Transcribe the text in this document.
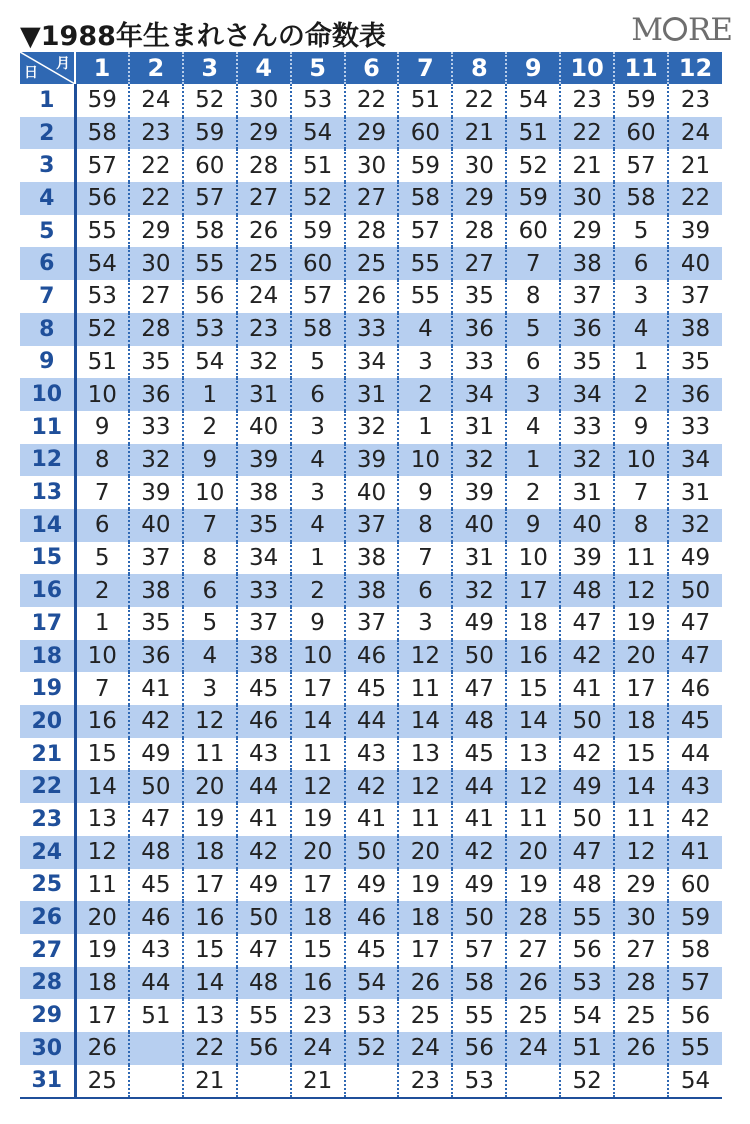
▼1988年生まれさんの命数表	M RE
日
月	1	2	3	4	5	6	7	8	9	10	11	12
1	59	24	52	30	53	22	51	22	54	23	59	23
2	58	23	59	29	54	29	60	21	51	22	60	24
3	57	22	60	28	51	30	59	30	52	21	57	21
4	56	22	57	27	52	27	58	29	59	30	58	22
5	55	29	58	26	59	28	57	28	60	29	5	39
6	54	30	55	25	60	25	55	27	7	38	6	40
7	53	27	56	24	57	26	55	35	8	37	3	37
8	52	28	53	23	58	33	4	36	5	36	4	38
9	51	35	54	32	5	34	3	33	6	35	1	35
10	10	36	1	31	6	31	2	34	3	34	2	36
11	9	33	2	40	3	32	1	31	4	33	9	33
12	8	32	9	39	4	39	10	32	1	32	10	34
13	7	39	10	38	3	40	9	39	2	31	7	31
14	6	40	7	35	4	37	8	40	9	40	8	32
15	5	37	8	34	1	38	7	31	10	39	11	49
16	2	38	6	33	2	38	6	32	17	48	12	50
17	1	35	5	37	9	37	3	49	18	47	19	47
18	10	36	4	38	10	46	12	50	16	42	20	47
19	7	41	3	45	17	45	11	47	15	41	17	46
20	16	42	12	46	14	44	14	48	14	50	18	45
21	15	49	11	43	11	43	13	45	13	42	15	44
22	14	50	20	44	12	42	12	44	12	49	14	43
23	13	47	19	41	19	41	11	41	11	50	11	42
24	12	48	18	42	20	50	20	42	20	47	12	41
25	11	45	17	49	17	49	19	49	19	48	29	60
26	20	46	16	50	18	46	18	50	28	55	30	59
27	19	43	15	47	15	45	17	57	27	56	27	58
28	18	44	14	48	16	54	26	58	26	53	28	57
29	17	51	13	55	23	53	25	55	25	54	25	56
30	26		22	56	24	52	24	56	24	51	26	55
31	25		21		21		23	53		52		54
